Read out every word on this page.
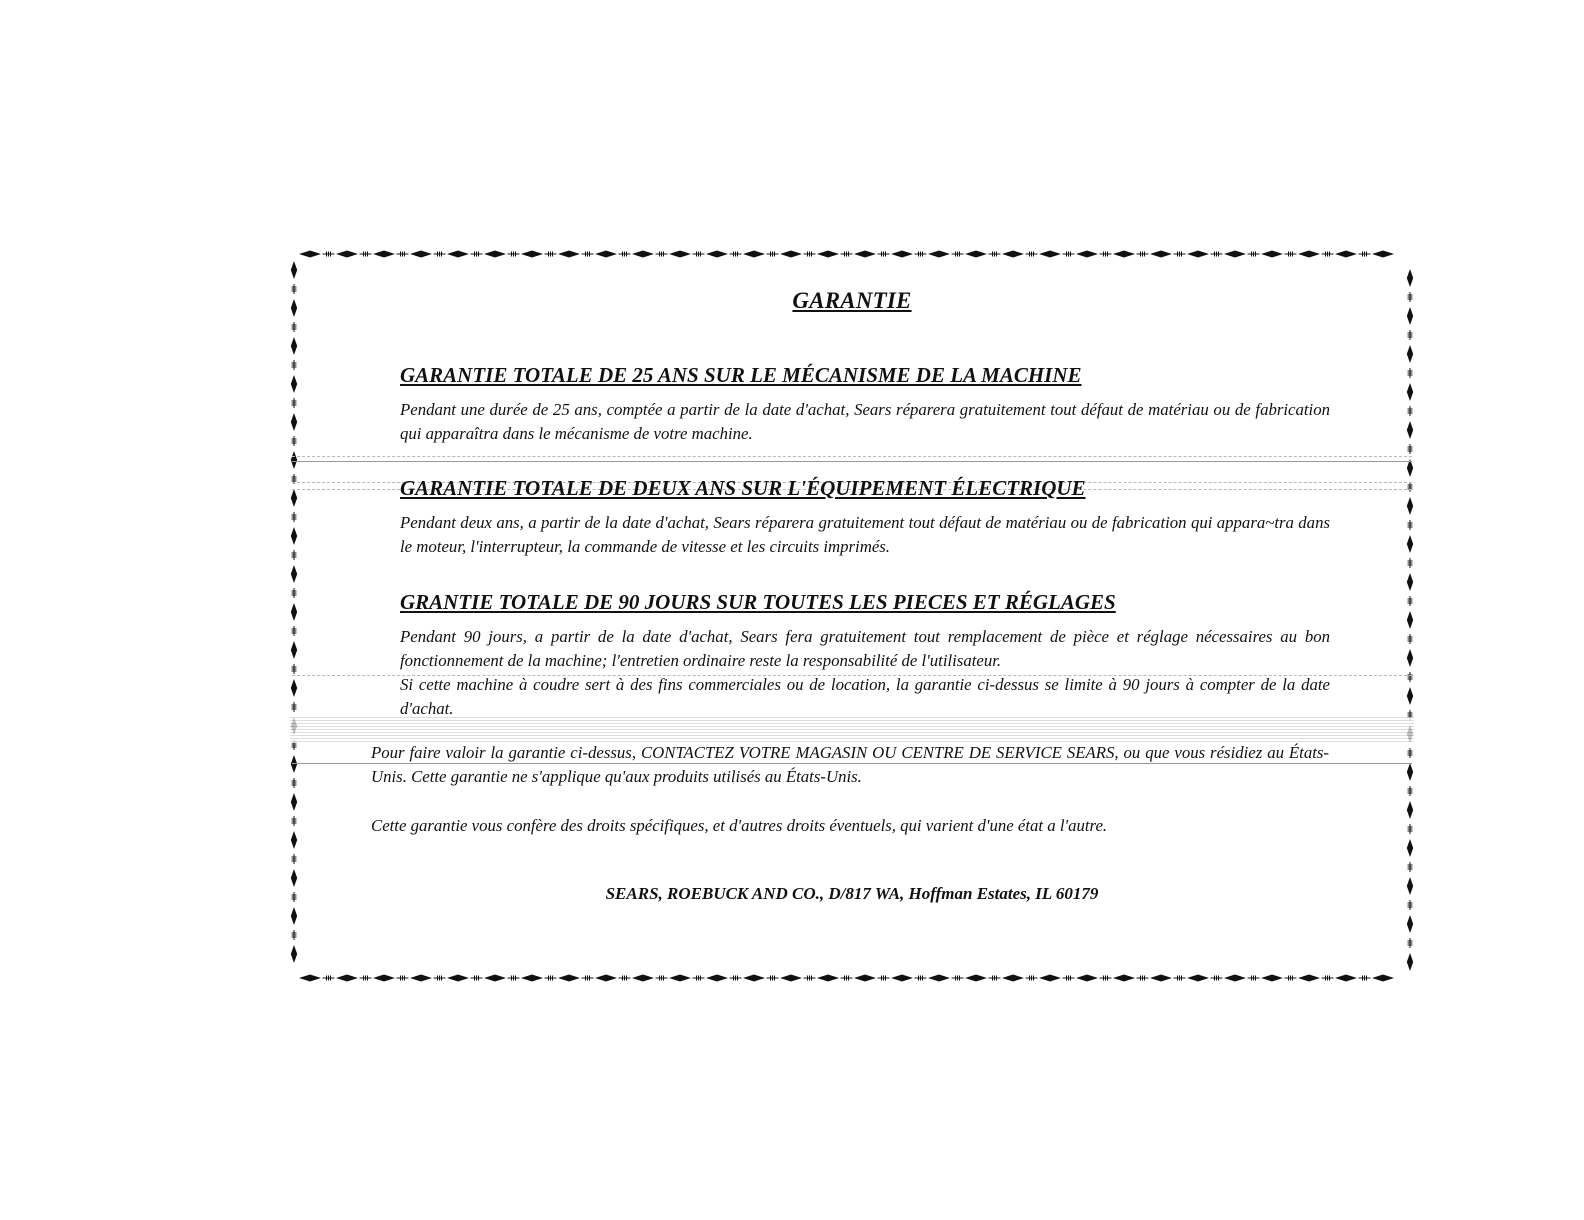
GARANTIE
GARANTIE TOTALE DE 25 ANS SUR LE MÉCANISME DE LA MACHINE
Pendant une durée de 25 ans, comptée a partir de la date d'achat, Sears réparera gratuitement tout défaut de matériau ou de fabrication qui apparaîtra dans le mécanisme de votre machine.
GARANTIE TOTALE DE DEUX ANS SUR L'ÉQUIPEMENT ÉLECTRIQUE
Pendant deux ans, a partir de la date d'achat, Sears réparera gratuitement tout défaut de matériau ou de fabrication qui appara~tra dans le moteur, l'interrupteur, la commande de vitesse et les circuits imprimés.
GRANTIE TOTALE DE 90 JOURS SUR TOUTES LES PIECES ET RÉGLAGES
Pendant 90 jours, a partir de la date d'achat, Sears fera gratuitement tout remplacement de pièce et réglage nécessaires au bon fonctionnement de la machine; l'entretien ordinaire reste la responsabilité de l'utilisateur.
Si cette machine à coudre sert à des fins commerciales ou de location, la garantie ci-dessus se limite à 90 jours à compter de la date d'achat.
Pour faire valoir la garantie ci-dessus, CONTACTEZ VOTRE MAGASIN OU CENTRE DE SERVICE SEARS, ou que vous résidiez au États-Unis. Cette garantie ne s'applique qu'aux produits utilisés au États-Unis.
Cette garantie vous confère des droits spécifiques, et d'autres droits éventuels, qui varient d'une état a l'autre.
SEARS, ROEBUCK AND CO., D/817 WA, Hoffman Estates, IL 60179
